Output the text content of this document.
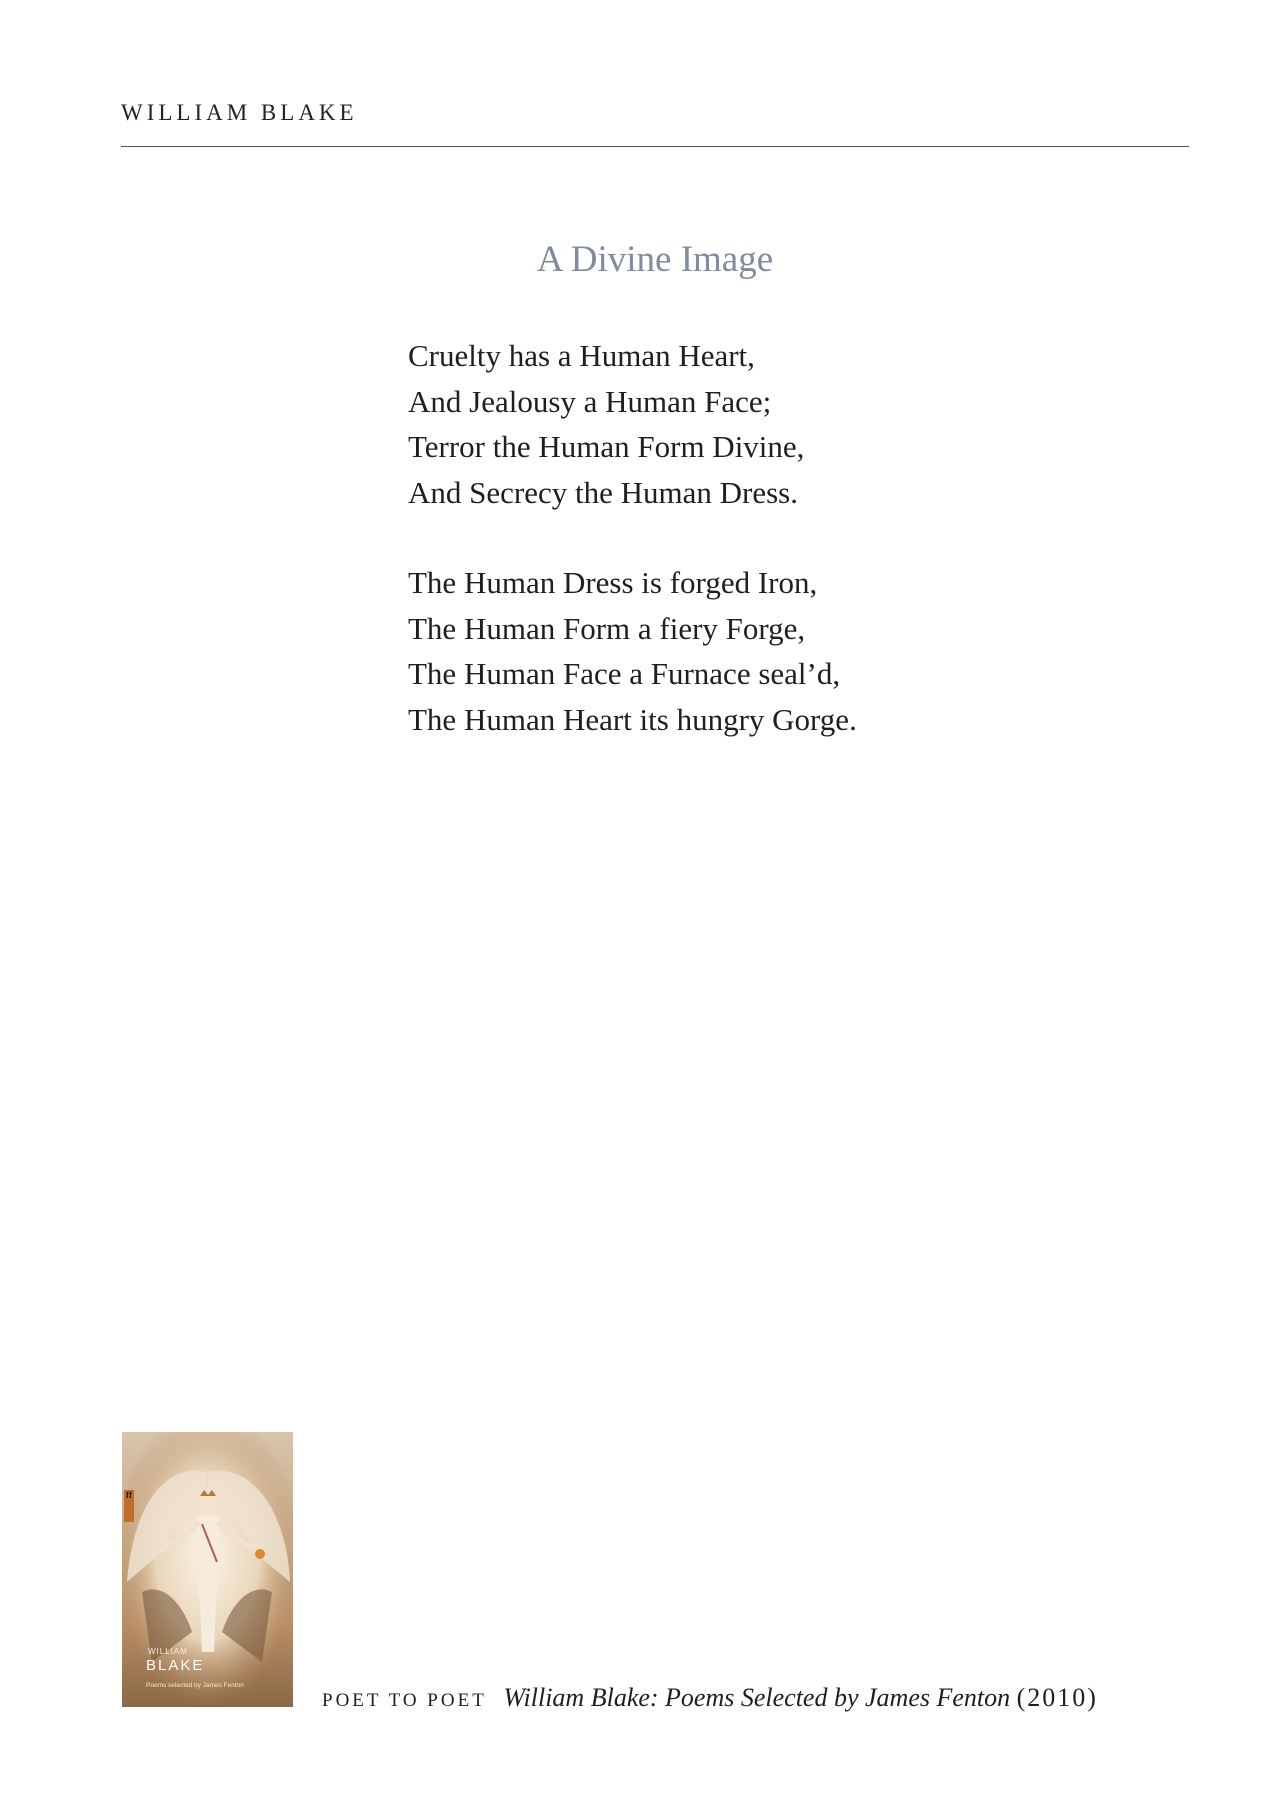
WILLIAM BLAKE
A Divine Image
Cruelty has a Human Heart,
And Jealousy a Human Face;
Terror the Human Form Divine,
And Secrecy the Human Dress.
The Human Dress is forged Iron,
The Human Form a fiery Forge,
The Human Face a Furnace seal’d,
The Human Heart its hungry Gorge.
ff
WILLIAM
BLAKE
Poems selected by James Fenton
POET TO POET William Blake: Poems Selected by James Fenton (2010)
